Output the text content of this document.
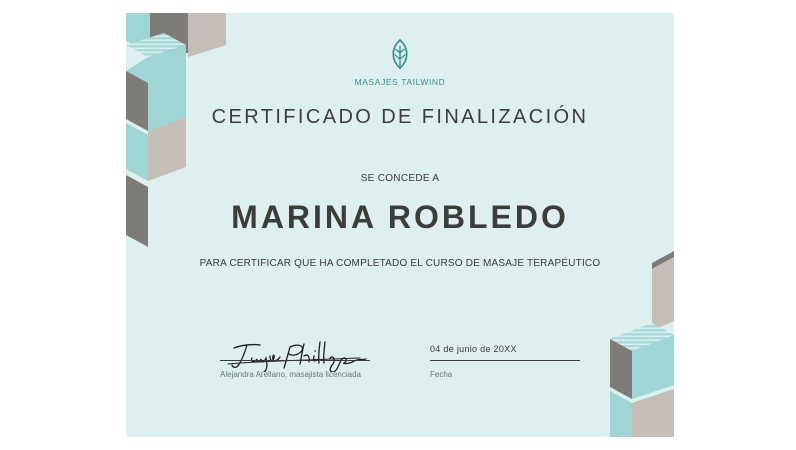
MASAJES TAILWIND
CERTIFICADO DE FINALIZACIÓN
SE CONCEDE A
MARINA ROBLEDO
PARA CERTIFICAR QUE HA COMPLETADO EL CURSO DE MASAJE TERAPÉUTICO
Alejandra Arellano, masajista licenciada
04 de junio de 20XX
Fecha
